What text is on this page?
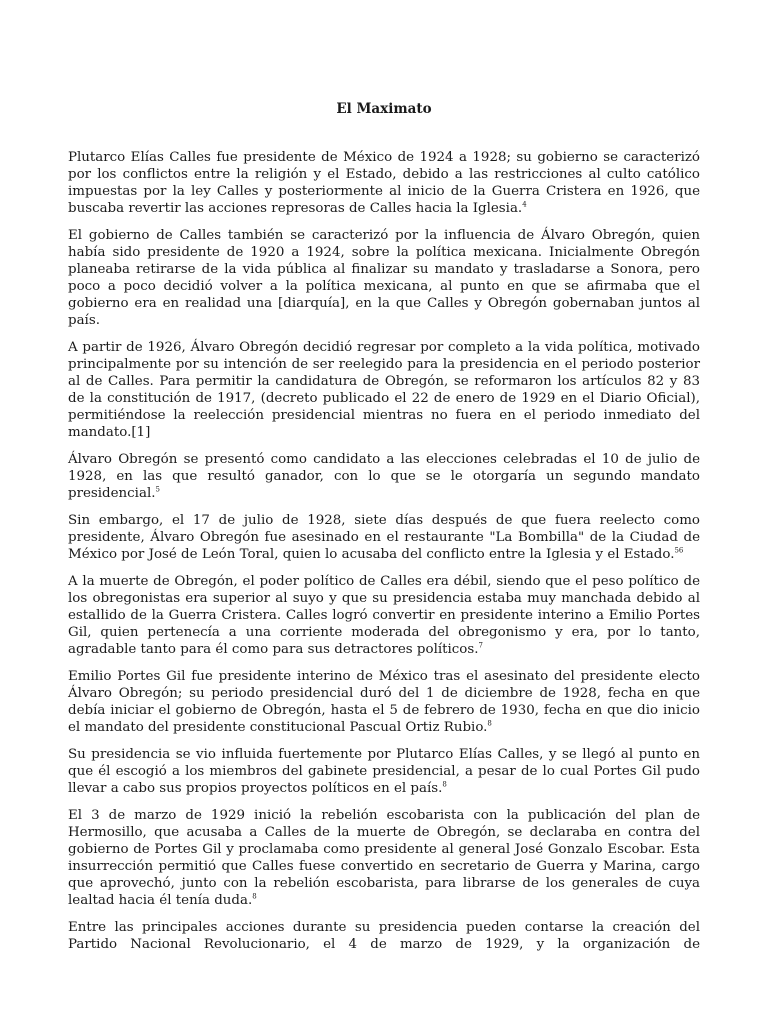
El Maximato

Plutarco Elías Calles fue presidente de México de 1924 a 1928; su gobierno se caracterizó por los conflictos entre la religión y el Estado, debido a las restricciones al culto católico impuestas por la ley Calles y posteriormente al inicio de la Guerra Cristera en 1926, que buscaba revertir las acciones represoras de Calles hacia la Iglesia.$^4$

El gobierno de Calles también se caracterizó por la influencia de Álvaro Obregón, quien había sido presidente de 1920 a 1924, sobre la política mexicana. Inicialmente Obregón planeaba retirarse de la vida pública al finalizar su mandato y trasladarse a Sonora, pero poco a poco decidió volver a la política mexicana, al punto en que se afirmaba que el gobierno era en realidad una [diarquía], en la que Calles y Obregón gobernaban juntos al país.

A partir de 1926, Álvaro Obregón decidió regresar por completo a la vida política, motivado principalmente por su intención de ser reelegido para la presidencia en el periodo posterior al de Calles. Para permitir la candidatura de Obregón, se reformaron los artículos 82 y 83 de la constitución de 1917, (decreto publicado el 22 de enero de 1929 en el Diario Oficial), permitiéndose la reelección presidencial mientras no fuera en el periodo inmediato del mandato.[1]

Álvaro Obregón se presentó como candidato a las elecciones celebradas el 10 de julio de 1928, en las que resultó ganador, con lo que se le otorgaría un segundo mandato presidencial.$^5$

Sin embargo, el 17 de julio de 1928, siete días después de que fuera reelecto como presidente, Álvaro Obregón fue asesinado en el restaurante "La Bombilla" de la Ciudad de México por José de León Toral, quien lo acusaba del conflicto entre la Iglesia y el Estado.$^{56}$

A la muerte de Obregón, el poder político de Calles era débil, siendo que el peso político de los obregonistas era superior al suyo y que su presidencia estaba muy manchada debido al estallido de la Guerra Cristera. Calles logró convertir en presidente interino a Emilio Portes Gil, quien pertenecía a una corriente moderada del obregonismo y era, por lo tanto, agradable tanto para él como para sus detractores políticos.$^7$

Emilio Portes Gil fue presidente interino de México tras el asesinato del presidente electo Álvaro Obregón; su periodo presidencial duró del 1 de diciembre de 1928, fecha en que debía iniciar el gobierno de Obregón, hasta el 5 de febrero de 1930, fecha en que dio inicio el mandato del presidente constitucional Pascual Ortiz Rubio.$^8$

Su presidencia se vio influida fuertemente por Plutarco Elías Calles, y se llegó al punto en que él escogió a los miembros del gabinete presidencial, a pesar de lo cual Portes Gil pudo llevar a cabo sus propios proyectos políticos en el país.$^8$

El 3 de marzo de 1929 inició la rebelión escobarista con la publicación del plan de Hermosillo, que acusaba a Calles de la muerte de Obregón, se declaraba en contra del gobierno de Portes Gil y proclamaba como presidente al general José Gonzalo Escobar. Esta insurrección permitió que Calles fuese convertido en secretario de Guerra y Marina, cargo que aprovechó, junto con la rebelión escobarista, para librarse de los generales de cuya lealtad hacia él tenía duda.$^8$

Entre las principales acciones durante su presidencia pueden contarse la creación del Partido Nacional Revolucionario, el 4 de marzo de 1929, y la organización de
